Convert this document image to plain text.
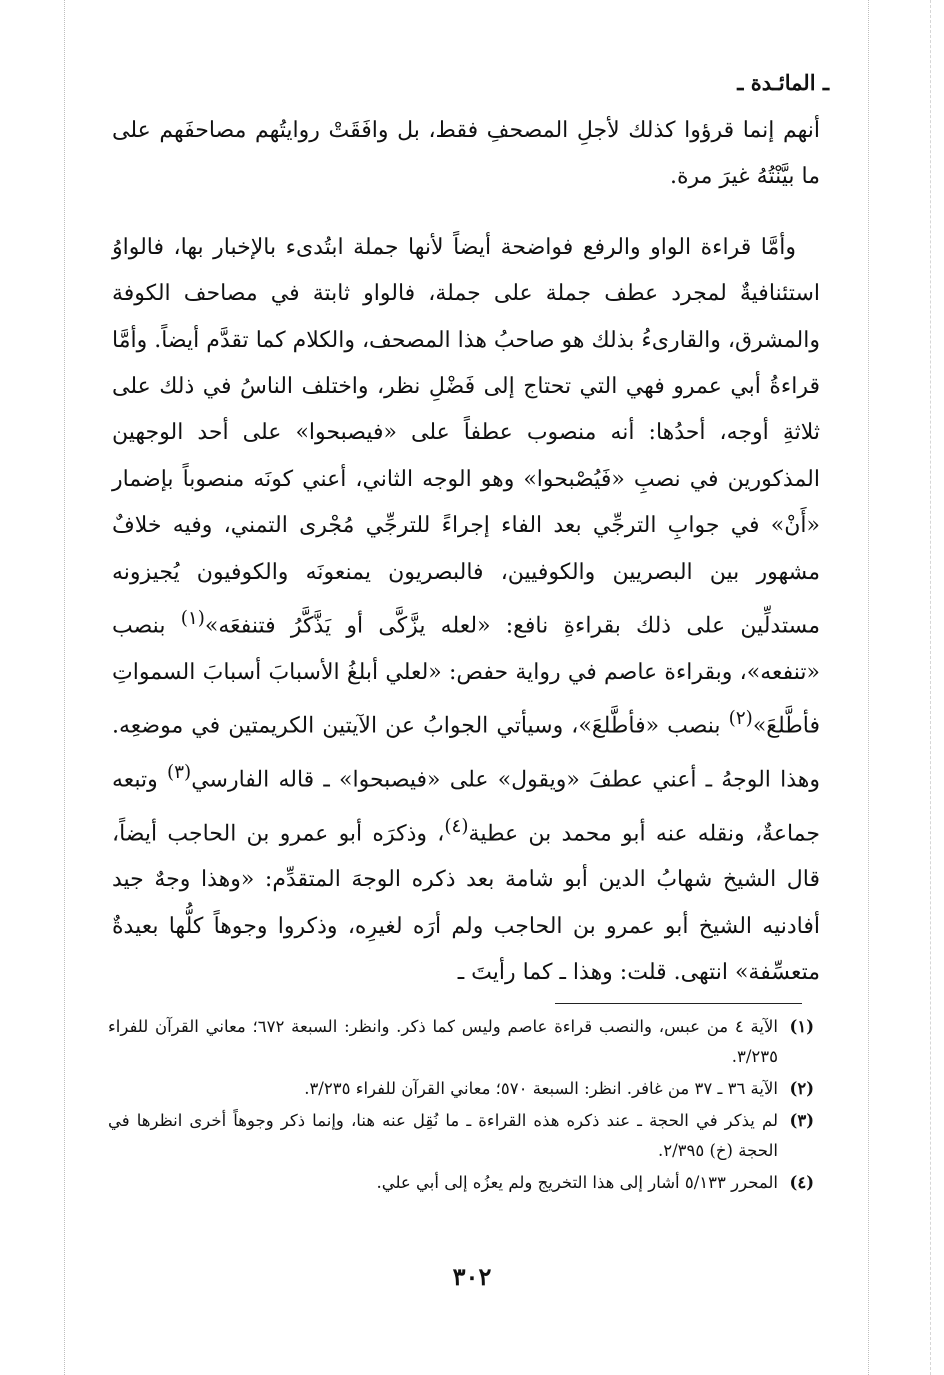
ـ المائـدة ـ

أنهم إنما قرؤوا كذلك لأجلِ المصحفِ فقط، بل وافَقَتْ روايتُهم مصاحفَهم على ما بيَّنْتُهُ غيرَ مرة.

وأمَّا قراءة الواو والرفع فواضحة أيضاً لأنها جملة ابتُدىء بالإخبار بها، فالواوُ استئنافيةٌ لمجرد عطف جملة على جملة، فالواو ثابتة في مصاحف الكوفة والمشرق، والقارىءُ بذلك هو صاحبُ هذا المصحف، والكلام كما تقدَّم أيضاً. وأمَّا قراءةُ أبي عمرو فهي التي تحتاج إلى فَضْلِ نظر، واختلف الناسُ في ذلك على ثلاثةِ أوجه، أحدُها: أنه منصوب عطفاً على «فيصبحوا» على أحد الوجهين المذكورين في نصبِ «فَيُصْبحوا» وهو الوجه الثاني، أعني كونَه منصوباً بإضمار «أَنْ» في جوابِ الترجِّي بعد الفاء إجراءً للترجِّي مُجْرى التمني، وفيه خلافٌ مشهور بين البصريين والكوفيين، فالبصريون يمنعونَه والكوفيون يُجيزونه مستدلِّين على ذلك بقراءةِ نافع: «لعله يزَّكَّى أو يَذَّكَّرُ فتنفعَه»$^{(١)}$ بنصب «تنفعه»، وبقراءة عاصم في رواية حفص: «لعلي أبلغُ الأسبابَ أسبابَ السمواتِ فأطَّلعَ»$^{(٢)}$ بنصب «فأطَّلعَ»، وسيأتي الجوابُ عن الآيتين الكريمتين في موضعِه. وهذا الوجهُ ـ أعني عطفَ «ويقول» على «فيصبحوا» ـ قاله الفارسي$^{(٣)}$ وتبعه جماعةٌ، ونقله عنه أبو محمد بن عطية$^{(٤)}$، وذكرَه أبو عمرو بن الحاجب أيضاً، قال الشيخ شهابُ الدين أبو شامة بعد ذكره الوجهَ المتقدِّم: «وهذا وجهٌ جيد أفادنيه الشيخ أبو عمرو بن الحاجب ولم أرَه لغيرِه، وذكروا وجوهاً كلُّها بعيدةٌ متعسِّفة» انتهى. قلت: وهذا ـ كما رأيتَ ـ

(١)
الآية ٤ من عبس، والنصب قراءة عاصم وليس كما ذكر. وانظر: السبعة ٦٧٢؛ معاني القرآن للفراء ٣/٢٣٥.
(٢)
الآية ٣٦ ـ ٣٧ من غافر. انظر: السبعة ٥٧٠؛ معاني القرآن للفراء ٣/٢٣٥.
(٣)
لم يذكر في الحجة ـ عند ذكره هذه القراءة ـ ما نُقِل عنه هنا، وإنما ذكر وجوهاً أخرى انظرها في الحجة (خ) ٢/٣٩٥.
(٤)
المحرر ٥/١٣٣ أشار إلى هذا التخريج ولم يعزُه إلى أبي علي.
٣٠٢
